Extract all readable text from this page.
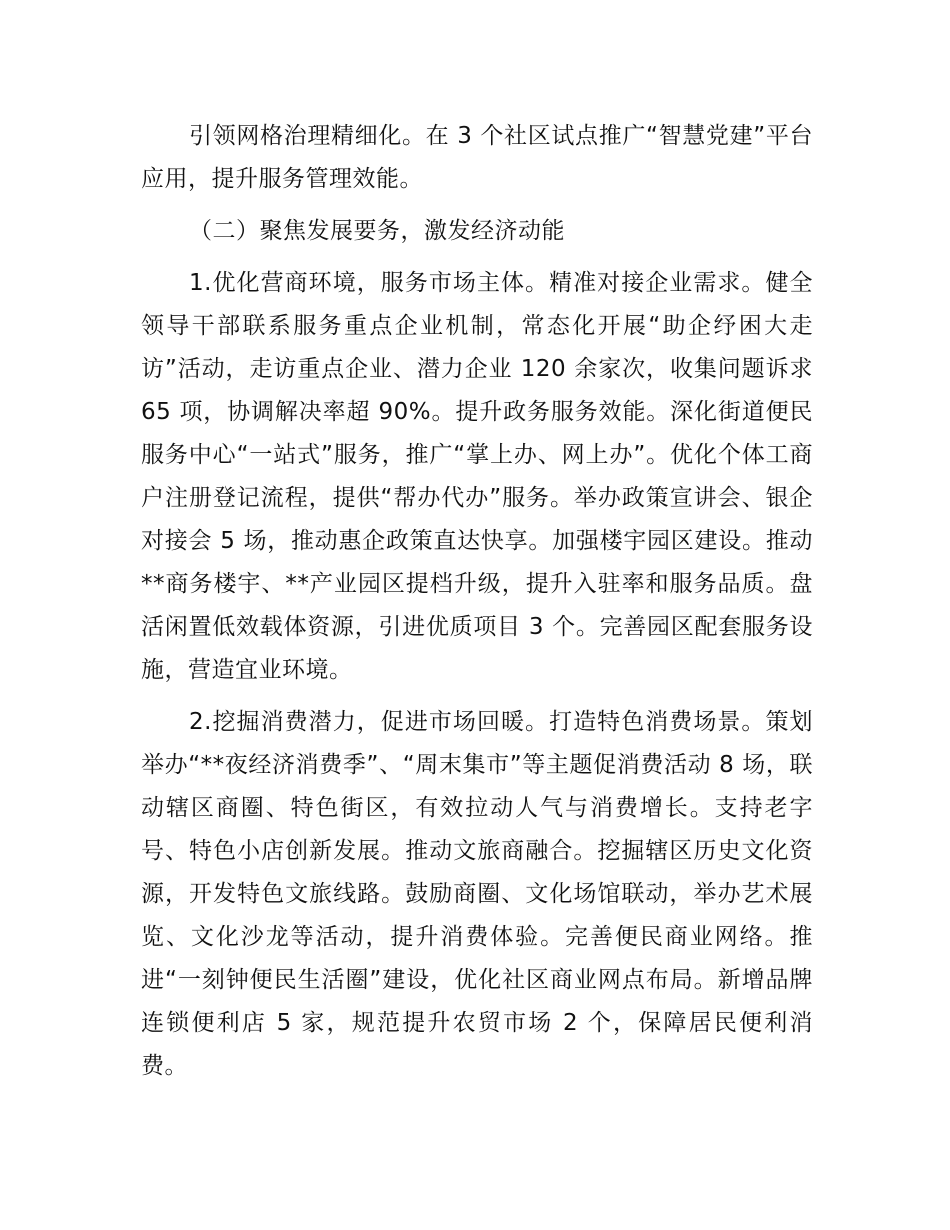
引领网格治理精细化。在 3 个社区试点推广“智慧党建”平台应用，提升服务管理效能。

（二）聚焦发展要务，激发经济动能

1.优化营商环境，服务市场主体。精准对接企业需求。健全领导干部联系服务重点企业机制，常态化开展“助企纾困大走访”活动，走访重点企业、潜力企业 120 余家次，收集问题诉求 65 项，协调解决率超 90%。提升政务服务效能。深化街道便民服务中心“一站式”服务，推广“掌上办、网上办”。优化个体工商户注册登记流程，提供“帮办代办”服务。举办政策宣讲会、银企对接会 5 场，推动惠企政策直达快享。加强楼宇园区建设。推动**商务楼宇、**产业园区提档升级，提升入驻率和服务品质。盘活闲置低效载体资源，引进优质项目 3 个。完善园区配套服务设施，营造宜业环境。

2.挖掘消费潜力，促进市场回暖。打造特色消费场景。策划举办“**夜经济消费季”、“周末集市”等主题促消费活动 8 场，联动辖区商圈、特色街区，有效拉动人气与消费增长。支持老字号、特色小店创新发展。推动文旅商融合。挖掘辖区历史文化资源，开发特色文旅线路。鼓励商圈、文化场馆联动，举办艺术展览、文化沙龙等活动，提升消费体验。完善便民商业网络。推进“一刻钟便民生活圈”建设，优化社区商业网点布局。新增品牌连锁便利店 5 家，规范提升农贸市场 2 个，保障居民便利消费。
